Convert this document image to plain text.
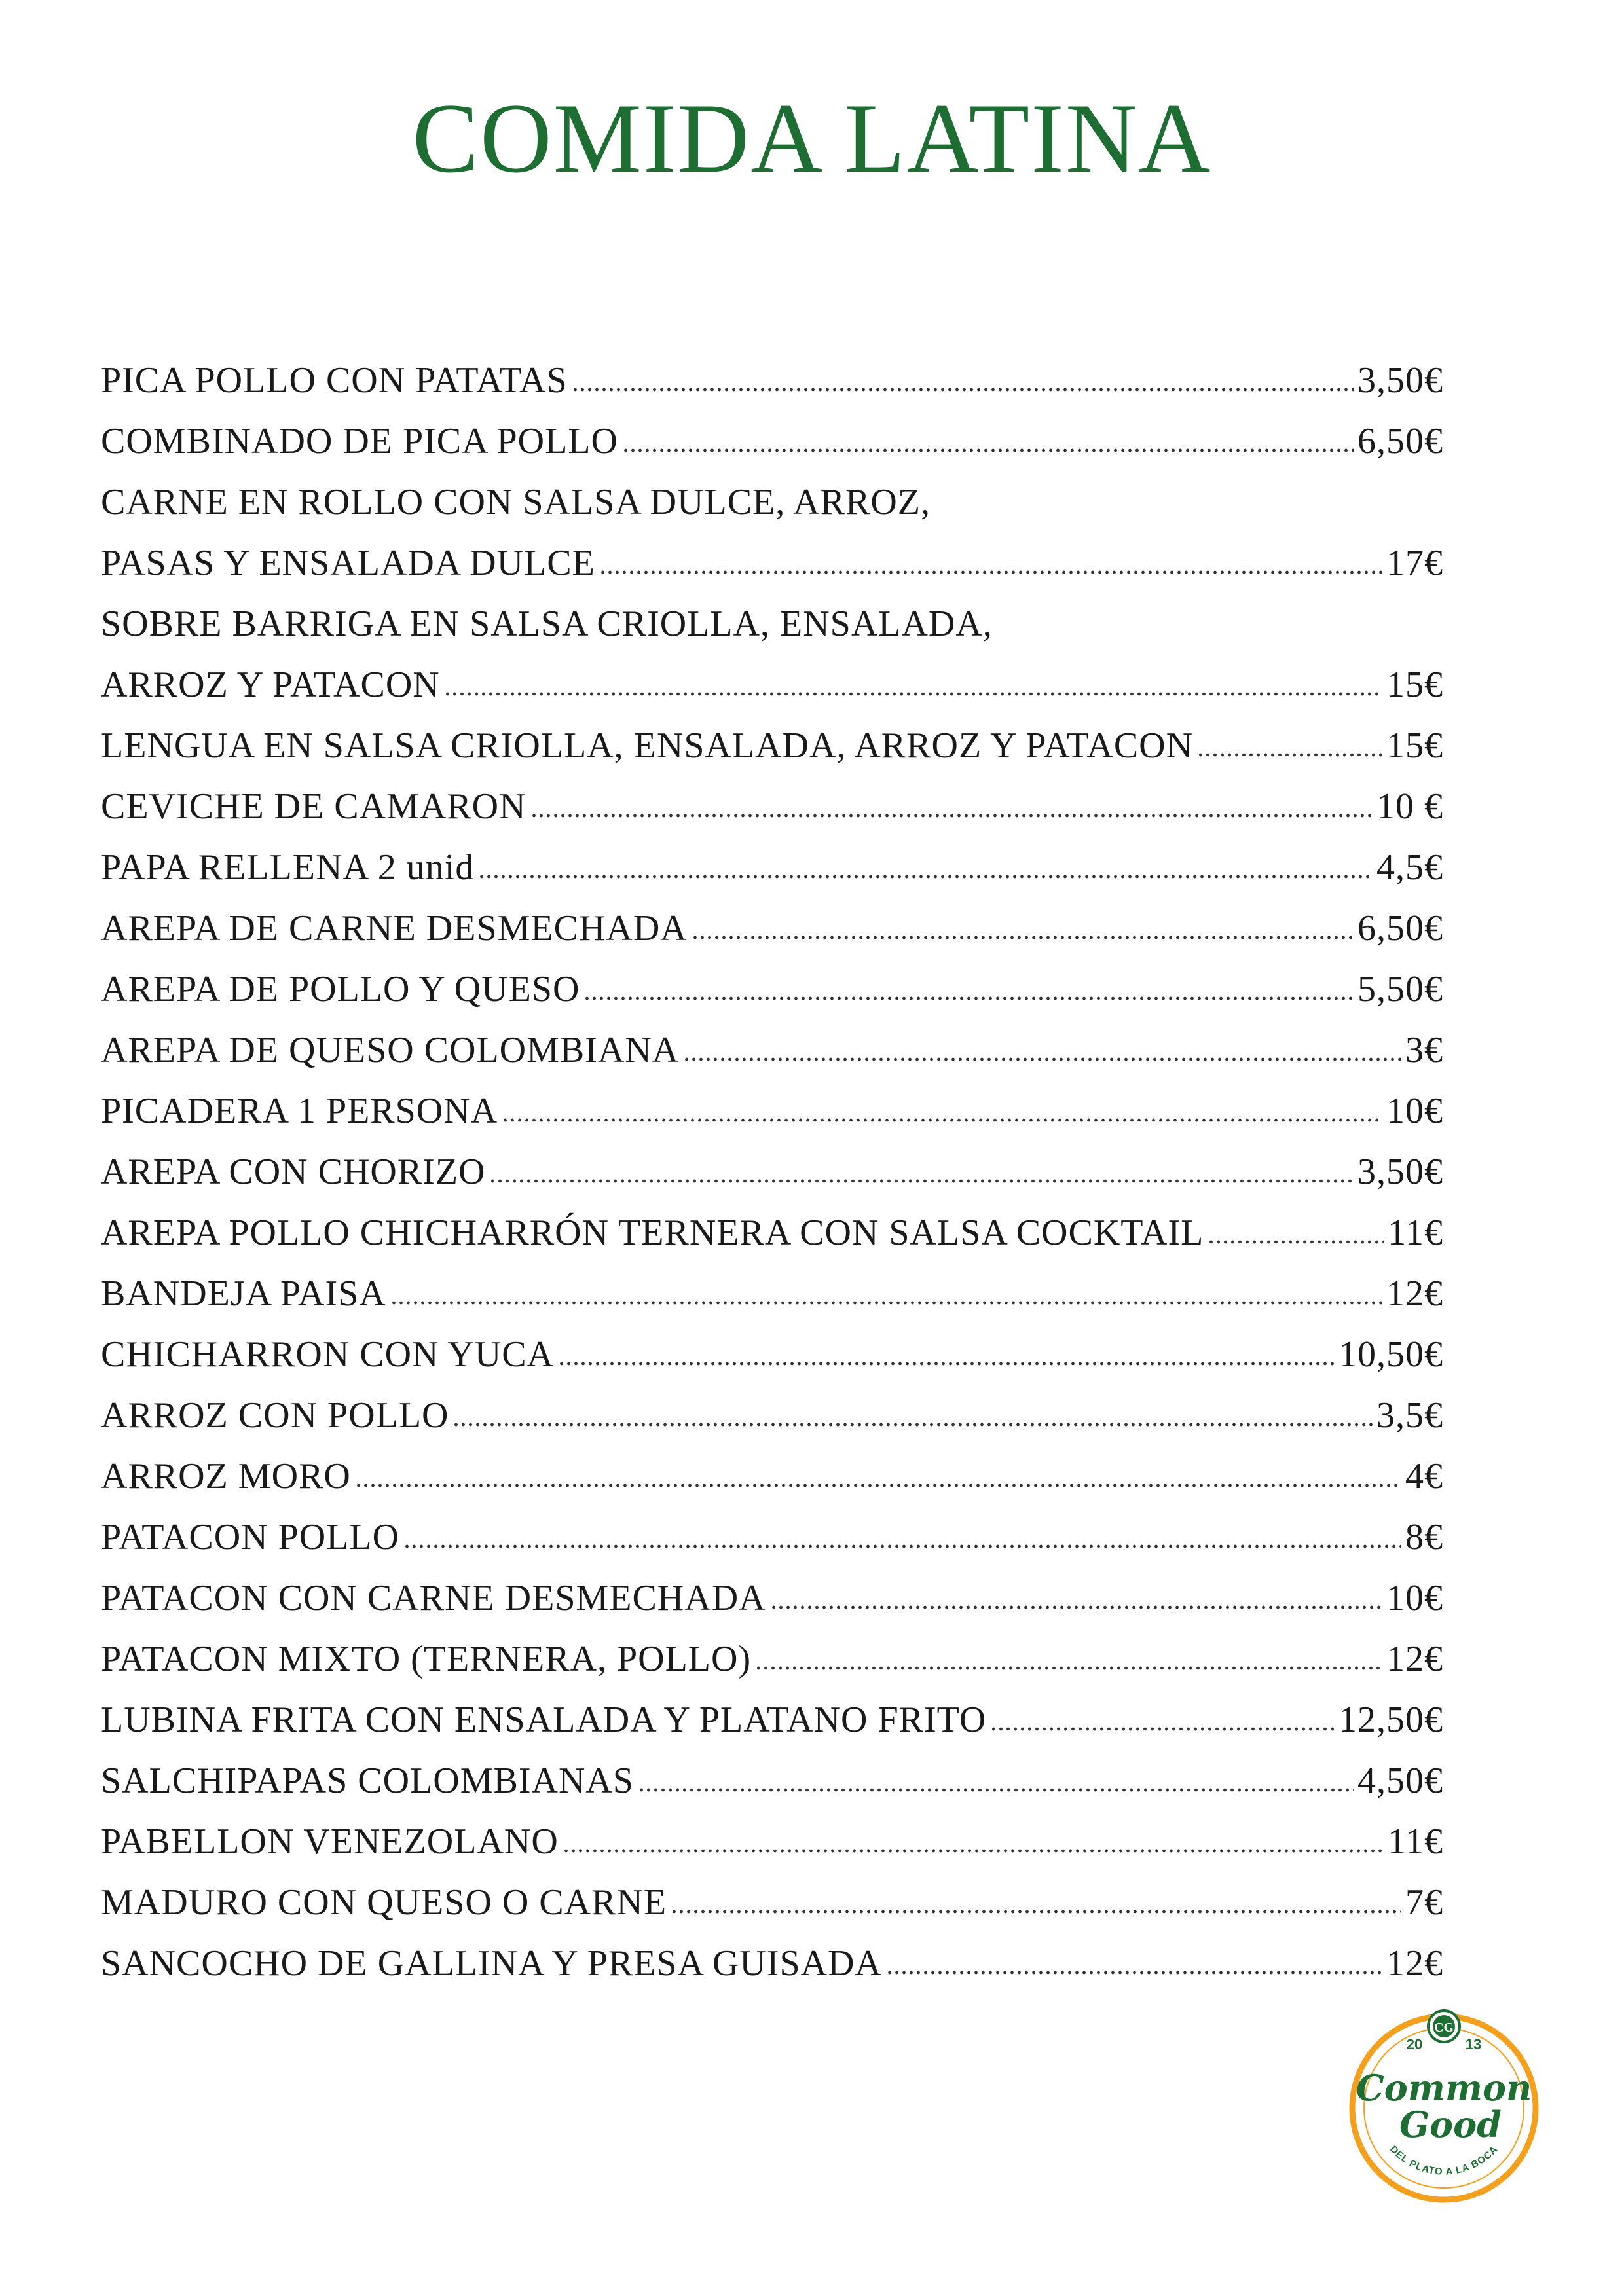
COMIDA LATINA
PICA POLLO CON PATATAS	3,50€
COMBINADO DE PICA POLLO	6,50€
CARNE EN ROLLO CON SALSA DULCE, ARROZ,
PASAS Y ENSALADA DULCE	17€
SOBRE BARRIGA EN SALSA CRIOLLA, ENSALADA,
ARROZ Y PATACON	15€
LENGUA EN SALSA CRIOLLA, ENSALADA, ARROZ Y PATACON	15€
CEVICHE DE CAMARON	10 €
PAPA RELLENA 2 unid	4,5€
AREPA DE CARNE DESMECHADA	6,50€
AREPA DE POLLO Y QUESO	5,50€
AREPA DE QUESO COLOMBIANA	3€
PICADERA 1 PERSONA	10€
AREPA CON CHORIZO	3,50€
AREPA POLLO CHICHARRÓN TERNERA CON SALSA COCKTAIL	11€
BANDEJA PAISA	12€
CHICHARRON CON YUCA	10,50€
ARROZ CON POLLO	3,5€
ARROZ MORO	4€
PATACON POLLO	8€
PATACON CON CARNE DESMECHADA	10€
PATACON MIXTO (TERNERA, POLLO)	12€
LUBINA FRITA CON ENSALADA Y PLATANO FRITO	12,50€
SALCHIPAPAS COLOMBIANAS	4,50€
PABELLON VENEZOLANO	11€
MADURO CON QUESO O CARNE	7€
SANCOCHO DE GALLINA Y PRESA GUISADA	12€
CG
20	13
Common
Good
DEL PLATO A LA BOCA
